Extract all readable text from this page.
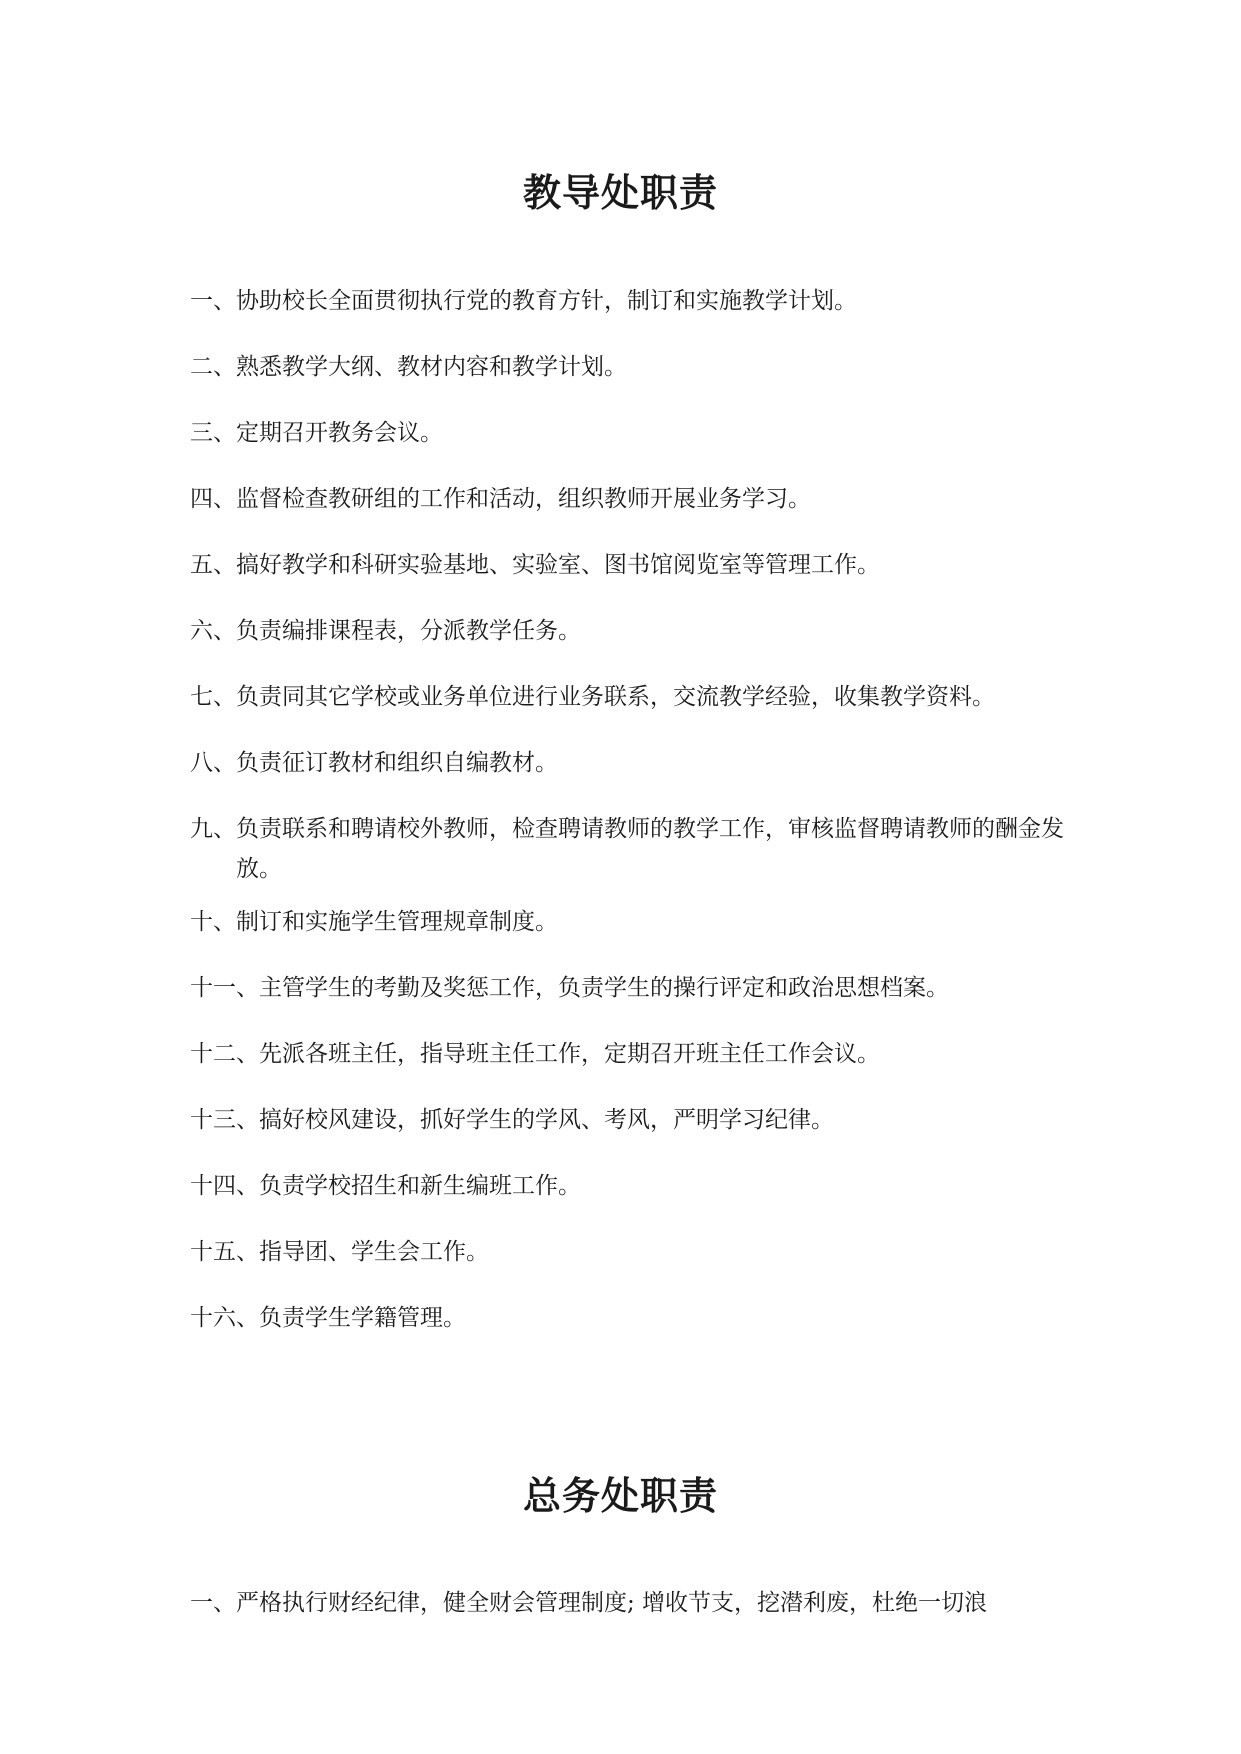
教导处职责
一、 协助校长全面贯彻执行党的教育方针，制订和实施教学计划。
二、 熟悉教学大纲、教材内容和教学计划。
三、 定期召开教务会议。
四、 监督检查教研组的工作和活动，组织教师开展业务学习。
五、 搞好教学和科研实验基地、实验室、图书馆阅览室等管理工作。
六、 负责编排课程表，分派教学任务。
七、 负责同其它学校或业务单位进行业务联系，交流教学经验，收集教学资料。
八、 负责征订教材和组织自编教材。
九、 负责联系和聘请校外教师，检查聘请教师的教学工作，审核监督聘请教师的酬金发放。
十、 制订和实施学生管理规章制度。
十一、 主管学生的考勤及奖惩工作，负责学生的操行评定和政治思想档案。
十二、 先派各班主任，指导班主任工作，定期召开班主任工作会议。
十三、 搞好校风建设，抓好学生的学风、考风，严明学习纪律。
十四、 负责学校招生和新生编班工作。
十五、 指导团、学生会工作。
十六、 负责学生学籍管理。
总务处职责
一、 严格执行财经纪律，健全财会管理制度; 增收节支，挖潜利废，杜绝一切浪
